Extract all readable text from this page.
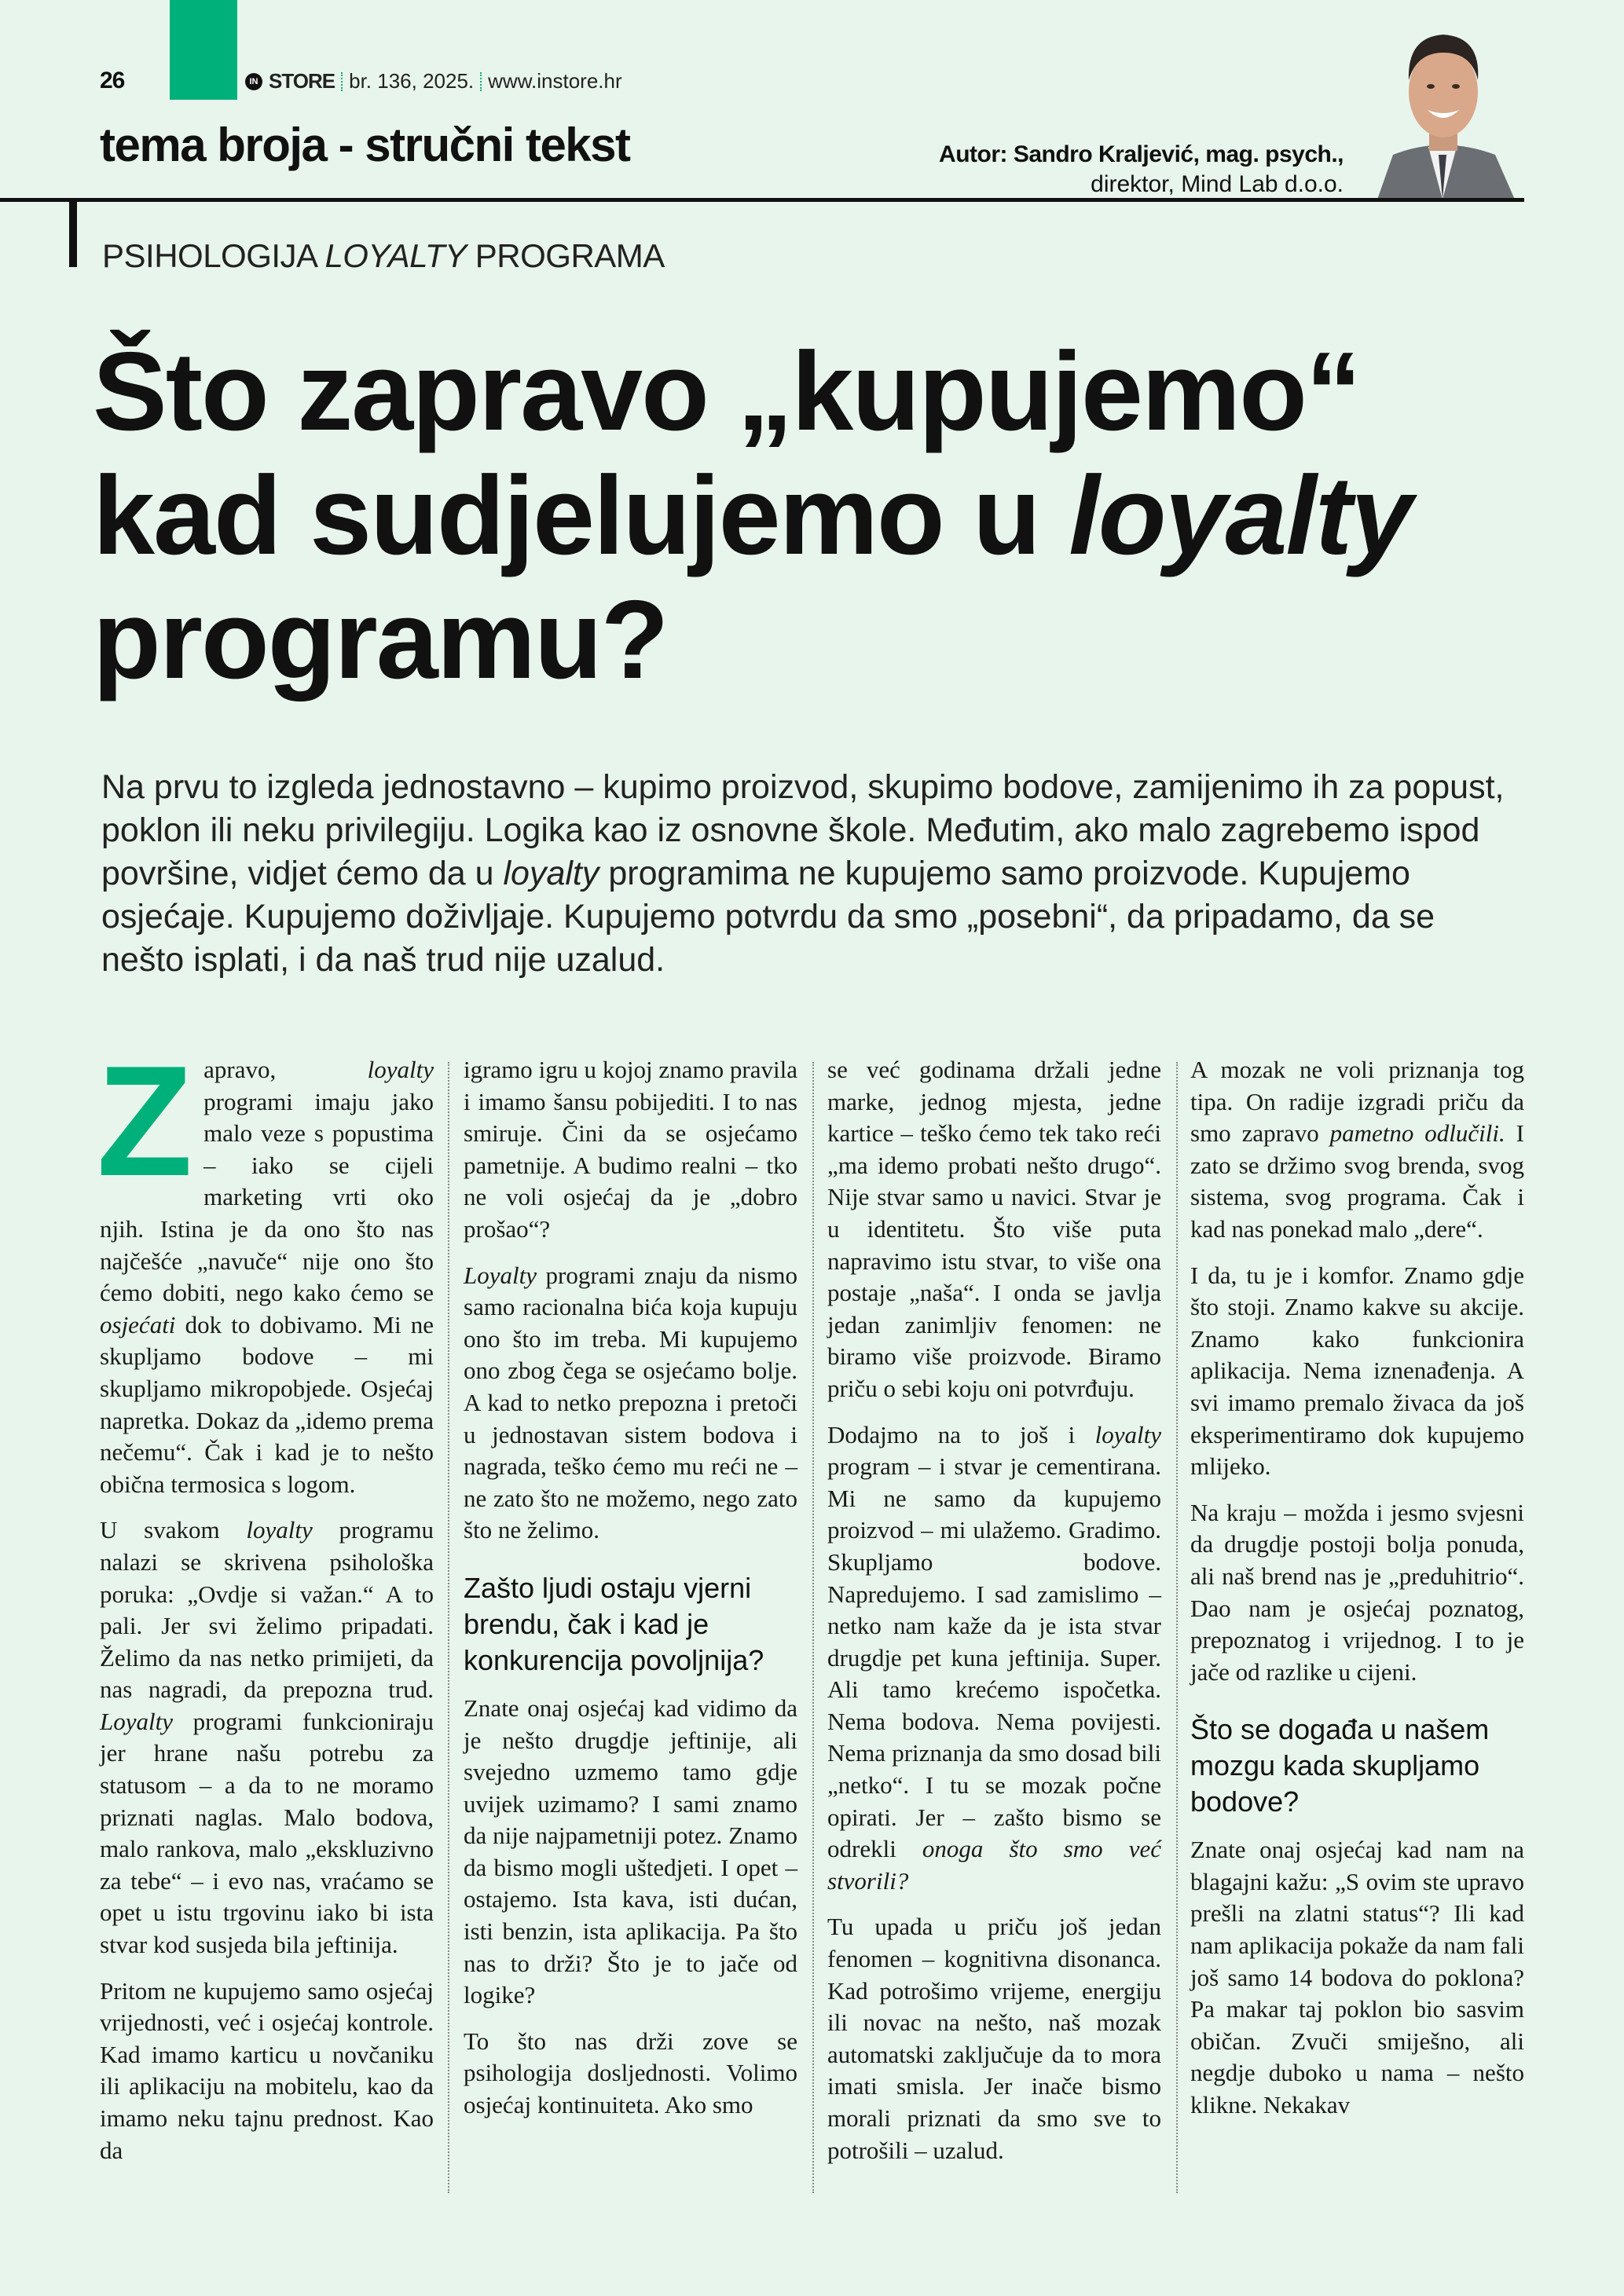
26	IN STORE br. 136, 2025. www.instore.hr
tema broja - stručni tekst	Autor: Sandro Kraljević, mag. psych.,
direktor, Mind Lab d.o.o.
PSIHOLOGIJA LOYALTY PROGRAMA
Što zapravo „kupujemo“
kad sudjelujemo u loyalty
programu?
Na prvu to izgleda jednostavno – kupimo proizvod, skupimo bodove, zamijenimo ih za popust, poklon ili neku privilegiju. Logika kao iz osnovne škole. Međutim, ako malo zagrebemo ispod površine, vidjet ćemo da u loyalty programima ne kupujemo samo proizvode. Kupujemo osjećaje. Kupujemo doživljaje. Kupujemo potvrdu da smo „posebni“, da pripadamo, da se nešto isplati, i da naš trud nije uzalud.

Zapravo, loyalty programi imaju jako malo veze s popustima – iako se cijeli marketing vrti oko njih. Istina je da ono što nas najčešće „navuče“ nije ono što ćemo dobiti, nego kako ćemo se osjećati dok to dobivamo. Mi ne skupljamo bodove – mi skupljamo mikropobjede. Osjećaj napretka. Dokaz da „idemo prema nečemu“. Čak i kad je to nešto obična termosica s logom.

U svakom loyalty programu nalazi se skrivena psihološka poruka: „Ovdje si važan.“ A to pali. Jer svi želimo pripadati. Želimo da nas netko primijeti, da nas nagradi, da prepozna trud. Loyalty programi funkcioniraju jer hrane našu potrebu za statusom – a da to ne moramo priznati naglas. Malo bodova, malo rankova, malo „ekskluzivno za tebe“ – i evo nas, vraćamo se opet u istu trgovinu iako bi ista stvar kod susjeda bila jeftinija.

Pritom ne kupujemo samo osjećaj vrijednosti, već i osjećaj kontrole. Kad imamo karticu u novčaniku ili aplikaciju na mobitelu, kao da imamo neku tajnu prednost. Kao da

igramo igru u kojoj znamo pravila i imamo šansu pobijediti. I to nas smiruje. Čini da se osjećamo pametnije. A budimo realni – tko ne voli osjećaj da je „dobro prošao“?

Loyalty programi znaju da nismo samo racionalna bića koja kupuju ono što im treba. Mi kupujemo ono zbog čega se osjećamo bolje. A kad to netko prepozna i pretoči u jednostavan sistem bodova i nagrada, teško ćemo mu reći ne – ne zato što ne možemo, nego zato što ne želimo.

Zašto ljudi ostaju vjerni brendu, čak i kad je konkurencija povoljnija?

Znate onaj osjećaj kad vidimo da je nešto drugdje jeftinije, ali svejedno uzmemo tamo gdje uvijek uzimamo? I sami znamo da nije najpametniji potez. Znamo da bismo mogli uštedjeti. I opet – ostajemo. Ista kava, isti dućan, isti benzin, ista aplikacija. Pa što nas to drži? Što je to jače od logike?

To što nas drži zove se psihologija dosljednosti. Volimo osjećaj kontinuiteta. Ako smo

se već godinama držali jedne marke, jednog mjesta, jedne kartice – teško ćemo tek tako reći „ma idemo probati nešto drugo“. Nije stvar samo u navici. Stvar je u identitetu. Što više puta napravimo istu stvar, to više ona postaje „naša“. I onda se javlja jedan zanimljiv fenomen: ne biramo više proizvode. Biramo priču o sebi koju oni potvrđuju.

Dodajmo na to još i loyalty program – i stvar je cementirana. Mi ne samo da kupujemo proizvod – mi ulažemo. Gradimo. Skupljamo bodove. Napredujemo. I sad zamislimo – netko nam kaže da je ista stvar drugdje pet kuna jeftinija. Super. Ali tamo krećemo ispočetka. Nema bodova. Nema povijesti. Nema priznanja da smo dosad bili „netko“. I tu se mozak počne opirati. Jer – zašto bismo se odrekli onoga što smo već stvorili?

Tu upada u priču još jedan fenomen – kognitivna disonanca. Kad potrošimo vrijeme, energiju ili novac na nešto, naš mozak automatski zaključuje da to mora imati smisla. Jer inače bismo morali priznati da smo sve to potrošili – uzalud.

A mozak ne voli priznanja tog tipa. On radije izgradi priču da smo zapravo pametno odlučili. I zato se držimo svog brenda, svog sistema, svog programa. Čak i kad nas ponekad malo „dere“.

I da, tu je i komfor. Znamo gdje što stoji. Znamo kakve su akcije. Znamo kako funkcionira aplikacija. Nema iznenađenja. A svi imamo premalo živaca da još eksperimentiramo dok kupujemo mlijeko.

Na kraju – možda i jesmo svjesni da drugdje postoji bolja ponuda, ali naš brend nas je „preduhitrio“. Dao nam je osjećaj poznatog, prepoznatog i vrijednog. I to je jače od razlike u cijeni.

Što se događa u našem mozgu kada skupljamo bodove?

Znate onaj osjećaj kad nam na blagajni kažu: „S ovim ste upravo prešli na zlatni status“? Ili kad nam aplikacija pokaže da nam fali još samo 14 bodova do poklona? Pa makar taj poklon bio sasvim običan. Zvuči smiješno, ali negdje duboko u nama – nešto klikne. Nekakav
